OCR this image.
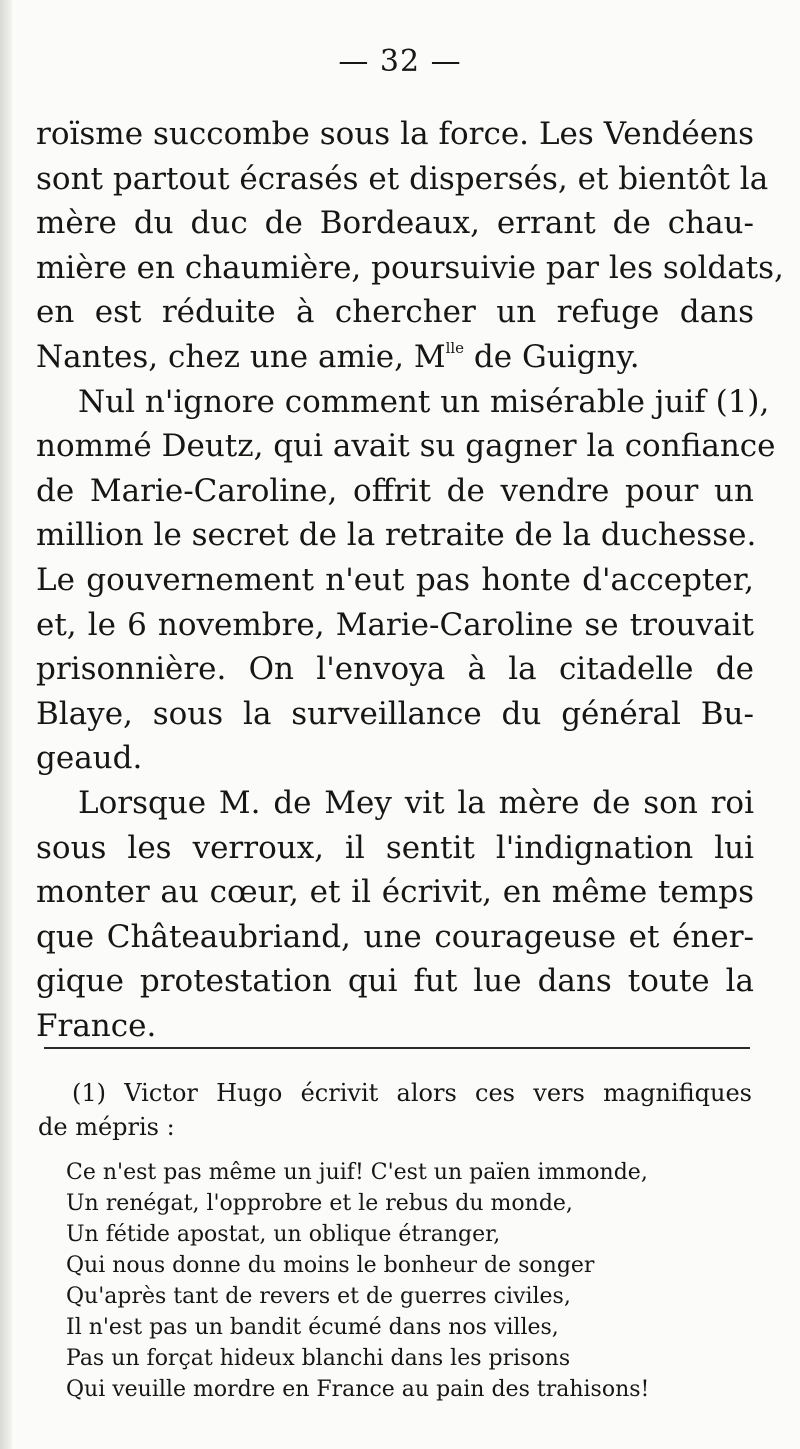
— 32 —
roïsme succombe sous la force. Les Vendéens
sont partout écrasés et dispersés, et bientôt la
mère du duc de Bordeaux, errant de chau-
mière en chaumière, poursuivie par les soldats,
en est réduite à chercher un refuge dans
Nantes, chez une amie, $M^{lle}$ de Guigny.
Nul n'ignore comment un misérable juif (1),
nommé Deutz, qui avait su gagner la confiance
de Marie-Caroline, offrit de vendre pour un
million le secret de la retraite de la duchesse.
Le gouvernement n'eut pas honte d'accepter,
et, le 6 novembre, Marie-Caroline se trouvait
prisonnière. On l'envoya à la citadelle de
Blaye, sous la surveillance du général Bu-
geaud.
Lorsque M. de Mey vit la mère de son roi
sous les verroux, il sentit l'indignation lui
monter au cœur, et il écrivit, en même temps
que Châteaubriand, une courageuse et éner-
gique protestation qui fut lue dans toute la
France.
(1) Victor Hugo écrivit alors ces vers magnifiques
de mépris :
Ce n'est pas même un juif! C'est un païen immonde,
Un renégat, l'opprobre et le rebus du monde,
Un fétide apostat, un oblique étranger,
Qui nous donne du moins le bonheur de songer
Qu'après tant de revers et de guerres civiles,
Il n'est pas un bandit écumé dans nos villes,
Pas un forçat hideux blanchi dans les prisons
Qui veuille mordre en France au pain des trahisons!
